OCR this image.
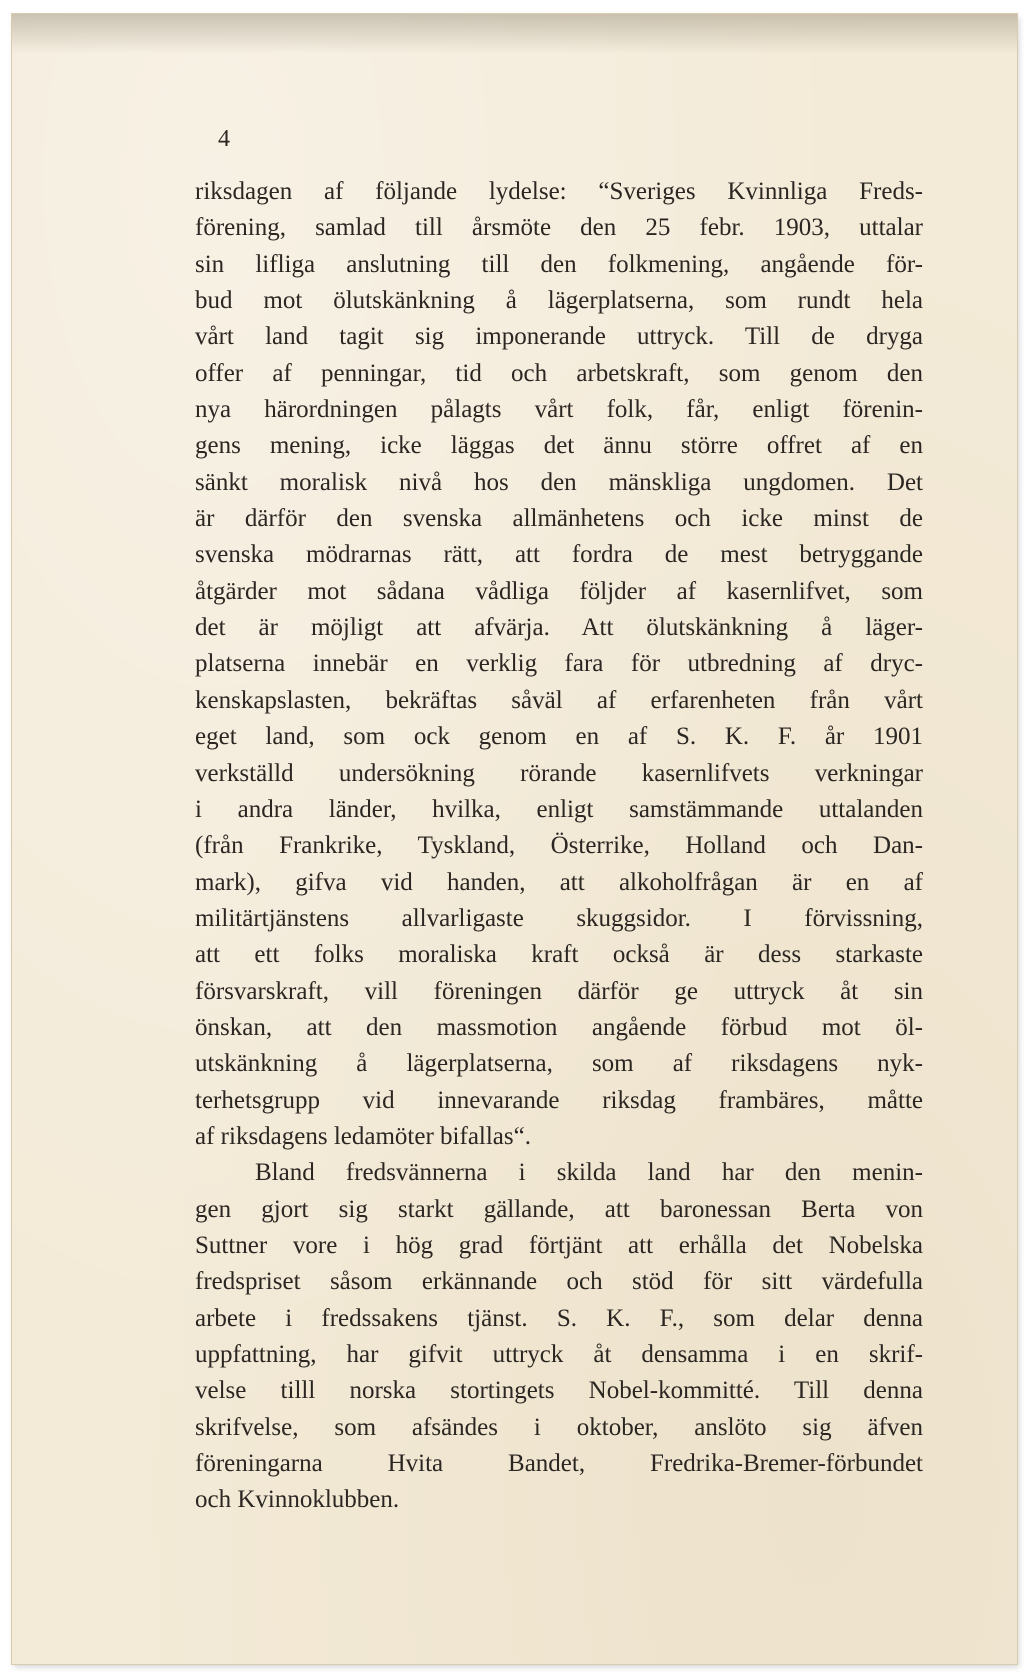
4
riksdagen af följande lydelse: “Sveriges Kvinnliga Freds-
förening, samlad till årsmöte den 25 febr. 1903, uttalar
sin lifliga anslutning till den folkmening, angående för-
bud mot ölutskänkning å lägerplatserna, som rundt hela
vårt land tagit sig imponerande uttryck. Till de dryga
offer af penningar, tid och arbetskraft, som genom den
nya härordningen pålagts vårt folk, får, enligt förenin-
gens mening, icke läggas det ännu större offret af en
sänkt moralisk nivå hos den mänskliga ungdomen. Det
är därför den svenska allmänhetens och icke minst de
svenska mödrarnas rätt, att fordra de mest betryggande
åtgärder mot sådana vådliga följder af kasernlifvet, som
det är möjligt att afvärja. Att ölutskänkning å läger-
platserna innebär en verklig fara för utbredning af dryc-
kenskapslasten, bekräftas såväl af erfarenheten från vårt
eget land, som ock genom en af S. K. F. år 1901
verkställd undersökning rörande kasernlifvets verkningar
i andra länder, hvilka, enligt samstämmande uttalanden
(från Frankrike, Tyskland, Österrike, Holland och Dan-
mark), gifva vid handen, att alkoholfrågan är en af
militärtjänstens allvarligaste skuggsidor. I förvissning,
att ett folks moraliska kraft också är dess starkaste
försvarskraft, vill föreningen därför ge uttryck åt sin
önskan, att den massmotion angående förbud mot öl-
utskänkning å lägerplatserna, som af riksdagens nyk-
terhetsgrupp vid innevarande riksdag frambäres, måtte
af riksdagens ledamöter bifallas“.
Bland fredsvännerna i skilda land har den menin-
gen gjort sig starkt gällande, att baronessan Berta von
Suttner vore i hög grad förtjänt att erhålla det Nobelska
fredspriset såsom erkännande och stöd för sitt värdefulla
arbete i fredssakens tjänst. S. K. F., som delar denna
uppfattning, har gifvit uttryck åt densamma i en skrif-
velse tilll norska stortingets Nobel-kommitté. Till denna
skrifvelse, som afsändes i oktober, anslöto sig äfven
föreningarna Hvita Bandet, Fredrika-Bremer-förbundet
och Kvinnoklubben.
